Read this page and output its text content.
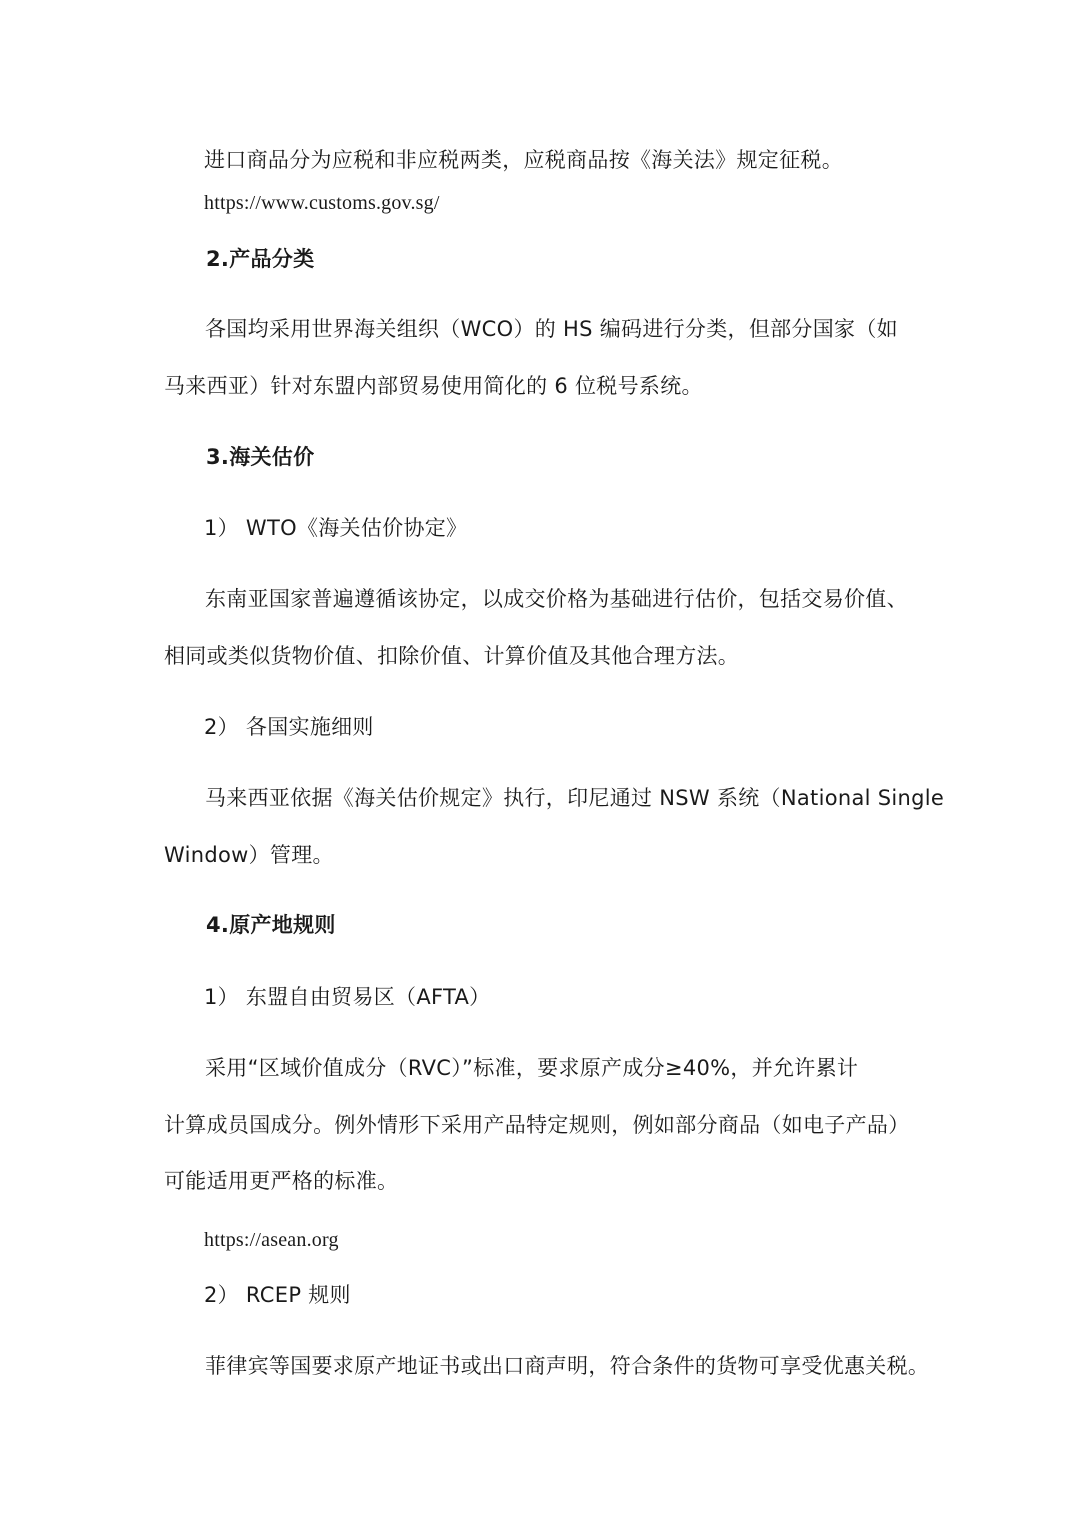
进口商品分为应税和非应税两类，应税商品按《海关法》规定征税。
https://www.customs.gov.sg/
2.产品分类
各国均采用世界海关组织（WCO）的 HS 编码进行分类，但部分国家（如
马来西亚）针对东盟内部贸易使用简化的 6 位税号系统。
3.海关估价
1） WTO《海关估价协定》
东南亚国家普遍遵循该协定，以成交价格为基础进行估价，包括交易价值、
相同或类似货物价值、扣除价值、计算价值及其他合理方法。
2） 各国实施细则
马来西亚依据《海关估价规定》执行，印尼通过 NSW 系统（National Single
Window）管理。
4.原产地规则
1） 东盟自由贸易区（AFTA）
采用“区域价值成分（RVC）”标准，要求原产成分≥40%，并允许累计
计算成员国成分。例外情形下采用产品特定规则，例如部分商品（如电子产品）
可能适用更严格的标准。
https://asean.org
2） RCEP 规则
菲律宾等国要求原产地证书或出口商声明，符合条件的货物可享受优惠关税。
